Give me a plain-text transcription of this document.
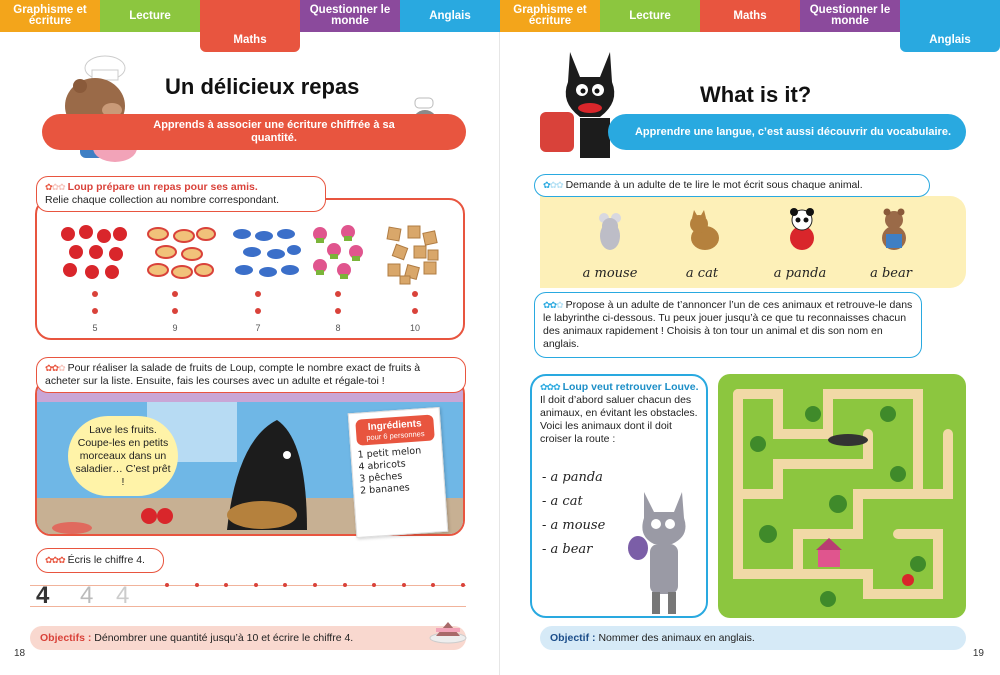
Graphisme et écriture	Lecture
Maths
Questionner le monde	Anglais
Un délicieux repas
Apprends à associer une écriture chiffrée à sa quantité.
✿✿✿ Loup prépare un repas pour ses amis.
Relie chaque collection au nombre correspondant.
5	9	7	8	10
✿✿✿ Pour réaliser la salade de fruits de Loup, compte le nombre exact de fruits à acheter sur la liste. Ensuite, fais les courses avec un adulte et régale-toi !
Lave les fruits. Coupe-les en petits morceaux dans un saladier… C’est prêt !
Ingrédients
pour 6 personnes
1 petit melon
4 abricots
3 pêches
2 bananes
✿✿✿ Écris le chiffre 4.
4 4 4
Objectifs :
Dénombrer une quantité jusqu’à 10 et écrire le chiffre 4.
18
Graphisme et écriture	Lecture	Maths	Questionner le monde
Anglais
What is it?
Apprendre une langue, c’est aussi découvrir du vocabulaire.
✿✿✿ Demande à un adulte de te lire le mot écrit sous chaque animal.
a mouse	a cat	a panda	a bear
✿✿✿ Propose à un adulte de t’annoncer l’un de ces animaux et retrouve-le dans le labyrinthe ci-dessous. Tu peux jouer jusqu’à ce que tu reconnaisses chacun des animaux rapidement ! Choisis à ton tour un animal et dis son nom en anglais.
✿✿✿ Loup veut retrouver Louve.
Il doit d’abord saluer chacun des animaux, en évitant les obstacles. Voici les animaux dont il doit croiser la route :
- a panda
- a cat
- a mouse
- a bear
Objectif :
Nommer des animaux en anglais.
19
